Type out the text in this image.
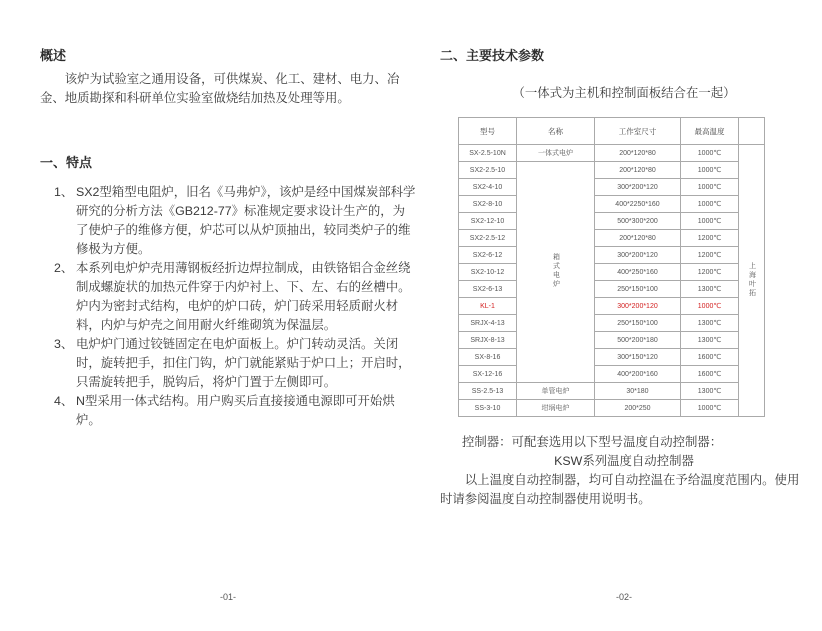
概述
该炉为试验室之通用设备，可供煤炭、化工、建材、电力、冶金、地质勘探和科研单位实验室做烧结加热及处理等用。
一、特点
1、 SX2型箱型电阻炉，旧名《马弗炉》，该炉是经中国煤炭部科学研究的分析方法《GB212-77》标准规定要求设计生产的，为了使炉子的维修方便，炉芯可以从炉顶抽出，较同类炉子的维修极为方便。
2、 本系列电炉炉壳用薄钢板经折边焊拉制成，由铁铬铝合金丝绕制成螺旋状的加热元件穿于内炉衬上、下、左、右的丝槽中。炉内为密封式结构，电炉的炉口砖，炉门砖采用轻质耐火材料，内炉与炉壳之间用耐火纤维砌筑为保温层。
3、 电炉炉门通过铰链固定在电炉面板上。炉门转动灵活。关闭时，旋转把手，扣住门钩，炉门就能紧贴于炉口上；开启时，只需旋转把手，脱钩后，将炉门置于左侧即可。
4、 N型采用一体式结构。用户购买后直接接通电源即可开始烘炉。
二、主要技术参数
（一体式为主机和控制面板结合在一起）
型号	名称	工作室尺寸	最高温度	
SX-2.5-10N	一体式电炉	200*120*80	1000℃	上海叶拓
SX2-2.5-10	箱式电炉	200*120*80	1000℃	
SX2-4-10		300*200*120	1000℃	
SX2-8-10		400*2250*160	1000℃	
SX2-12-10		500*300*200	1000℃	
SX2-2.5-12		200*120*80	1200℃	
SX2-6-12		300*200*120	1200℃	
SX2-10-12		400*250*160	1200℃	
SX2-6-13		250*150*100	1300℃	
KL-1		300*200*120	1000℃	
SRJX-4-13		250*150*100	1300℃	
SRJX-8-13		500*200*180	1300℃	
SX-8-16		300*150*120	1600℃	
SX-12-16		400*200*160	1600℃	
SS-2.5-13	单管电炉	30*180	1300℃	
SS-3-10	坩埚电炉	200*250	1000℃	
控制器：可配套选用以下型号温度自动控制器：
KSW系列温度自动控制器
以上温度自动控制器，均可自动控温在予给温度范围内。使用时请参阅温度自动控制器使用说明书。
-01-	-02-
